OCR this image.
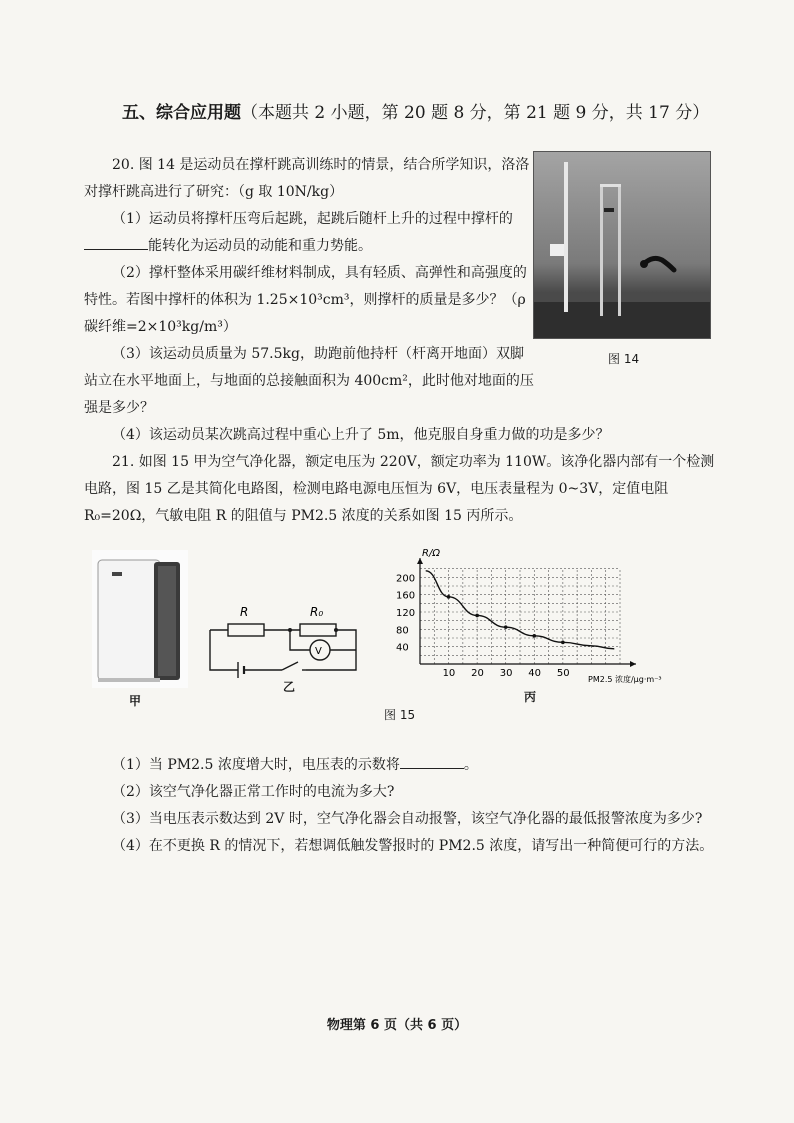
五、综合应用题（本题共 2 小题，第 20 题 8 分，第 21 题 9 分，共 17 分）

20. 图 14 是运动员在撑杆跳高训练时的情景，结合所学知识，洛洛对撑杆跳高进行了研究：（g 取 10N/kg）

（1）运动员将撑杆压弯后起跳，起跳后随杆上升的过程中撑杆的能转化为运动员的动能和重力势能。

（2）撑杆整体采用碳纤维材料制成，具有轻质、高弹性和高强度的特性。若图中撑杆的体积为 1.25×10³cm³，则撑杆的质量是多少？（ρ 碳纤维=2×10³kg/m³）

（3）该运动员质量为 57.5kg，助跑前他持杆（杆离开地面）双脚站立在水平地面上，与地面的总接触面积为 400cm²，此时他对地面的压强是多少？

（4）该运动员某次跳高过程中重心上升了 5m，他克服自身重力做的功是多少？

图 14

21. 如图 15 甲为空气净化器，额定电压为 220V，额定功率为 110W。该净化器内部有一个检测电路，图 15 乙是其简化电路图，检测电路电源电压恒为 6V，电压表量程为 0~3V，定值电阻 R₀=20Ω，气敏电阻 R 的阻值与 PM2.5 浓度的关系如图 15 丙所示。

甲
R	R₀
V
乙
10 20 30 40 50
40
80
120
160
200
R/Ω
PM2.5 浓度/μg·m⁻³
丙
图 15

（1）当 PM2.5 浓度增大时，电压表的示数将	。

（2）该空气净化器正常工作时的电流为多大?

（3）当电压表示数达到 2V 时，空气净化器会自动报警，该空气净化器的最低报警浓度为多少?

（4）在不更换 R 的情况下，若想调低触发警报时的 PM2.5 浓度，请写出一种简便可行的方法。

物理第 6 页（共 6 页）
